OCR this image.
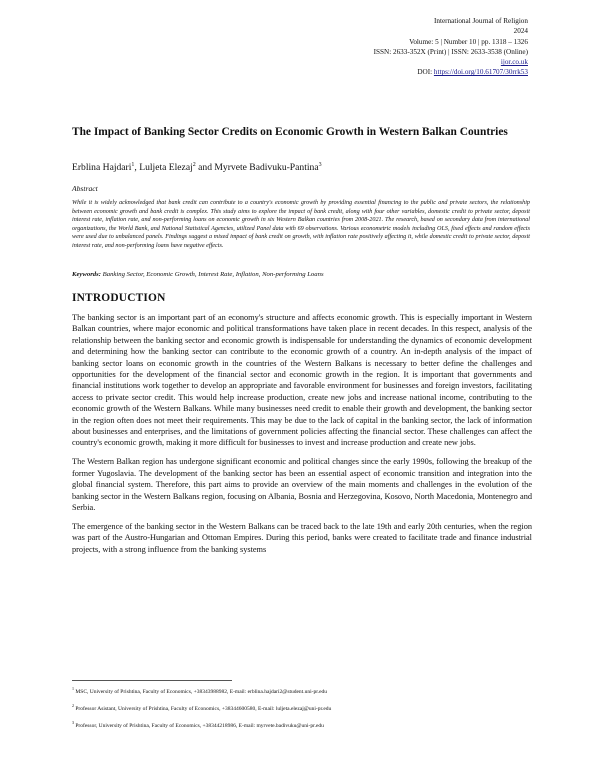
International Journal of Religion
2024
Volume: 5 | Number 10 | pp. 1318 – 1326
ISSN: 2633-352X (Print) | ISSN: 2633-3538 (Online)
ijor.co.uk
DOI: https://doi.org/10.61707/30rrk53
The Impact of Banking Sector Credits on Economic Growth in Western Balkan Countries
Erblina Hajdari$^1$, Luljeta Elezaj$^2$ and Myrvete Badivuku-Pantina$^3$
Abstract

While it is widely acknowledged that bank credit can contribute to a country's economic growth by providing essential financing to the public and private sectors, the relationship between economic growth and bank credit is complex. This study aims to explore the impact of bank credit, along with four other variables, domestic credit to private sector, deposit interest rate, inflation rate, and non-performing loans on economic growth in six Western Balkan countries from 2008-2021. The research, based on secondary data from international organizations, the World Bank, and National Statistical Agencies, utilized Panel data with 69 observations. Various econometric models including OLS, fixed effects and random effects were used due to unbalanced panels. Findings suggest a mixed impact of bank credit on growth, with inflation rate positively affecting it, while domestic credit to private sector, deposit interest rate, and non-performing loans have negative effects.

Keywords: Banking Sector, Economic Growth, Interest Rate, Inflation, Non-performing Loans
INTRODUCTION

The banking sector is an important part of an economy's structure and affects economic growth. This is especially important in Western Balkan countries, where major economic and political transformations have taken place in recent decades. In this respect, analysis of the relationship between the banking sector and economic growth is indispensable for understanding the dynamics of economic development and determining how the banking sector can contribute to the economic growth of a country. An in-depth analysis of the impact of banking sector loans on economic growth in the countries of the Western Balkans is necessary to better define the challenges and opportunities for the development of the financial sector and economic growth in the region. It is important that governments and financial institutions work together to develop an appropriate and favorable environment for businesses and foreign investors, facilitating access to private sector credit. This would help increase production, create new jobs and increase national income, contributing to the economic growth of the Western Balkans. While many businesses need credit to enable their growth and development, the banking sector in the region often does not meet their requirements. This may be due to the lack of capital in the banking sector, the lack of information about businesses and enterprises, and the limitations of government policies affecting the financial sector. These challenges can affect the country's economic growth, making it more difficult for businesses to invest and increase production and create new jobs.

The Western Balkan region has undergone significant economic and political changes since the early 1990s, following the breakup of the former Yugoslavia. The development of the banking sector has been an essential aspect of economic transition and integration into the global financial system. Therefore, this part aims to provide an overview of the main moments and challenges in the evolution of the banking sector in the Western Balkans region, focusing on Albania, Bosnia and Herzegovina, Kosovo, North Macedonia, Montenegro and Serbia.

The emergence of the banking sector in the Western Balkans can be traced back to the late 19th and early 20th centuries, when the region was part of the Austro-Hungarian and Ottoman Empires. During this period, banks were created to facilitate trade and finance industrial projects, with a strong influence from the banking systems

$^1$ MSC, University of Prishtina, Faculty of Economics, +38343988982, E-mail: erblina.hajdari2@student.uni-pr.edu
$^2$ Professor Asistant, University of Prishtina, Faculty of Economics, +38344600580, E-mail: luljeta.elezaj@uni-pr.edu
$^3$ Professor, University of Prishtina, Faculty of Economics, +38344218986, E-mail: myrvete.badivuku@uni-pr.edu
